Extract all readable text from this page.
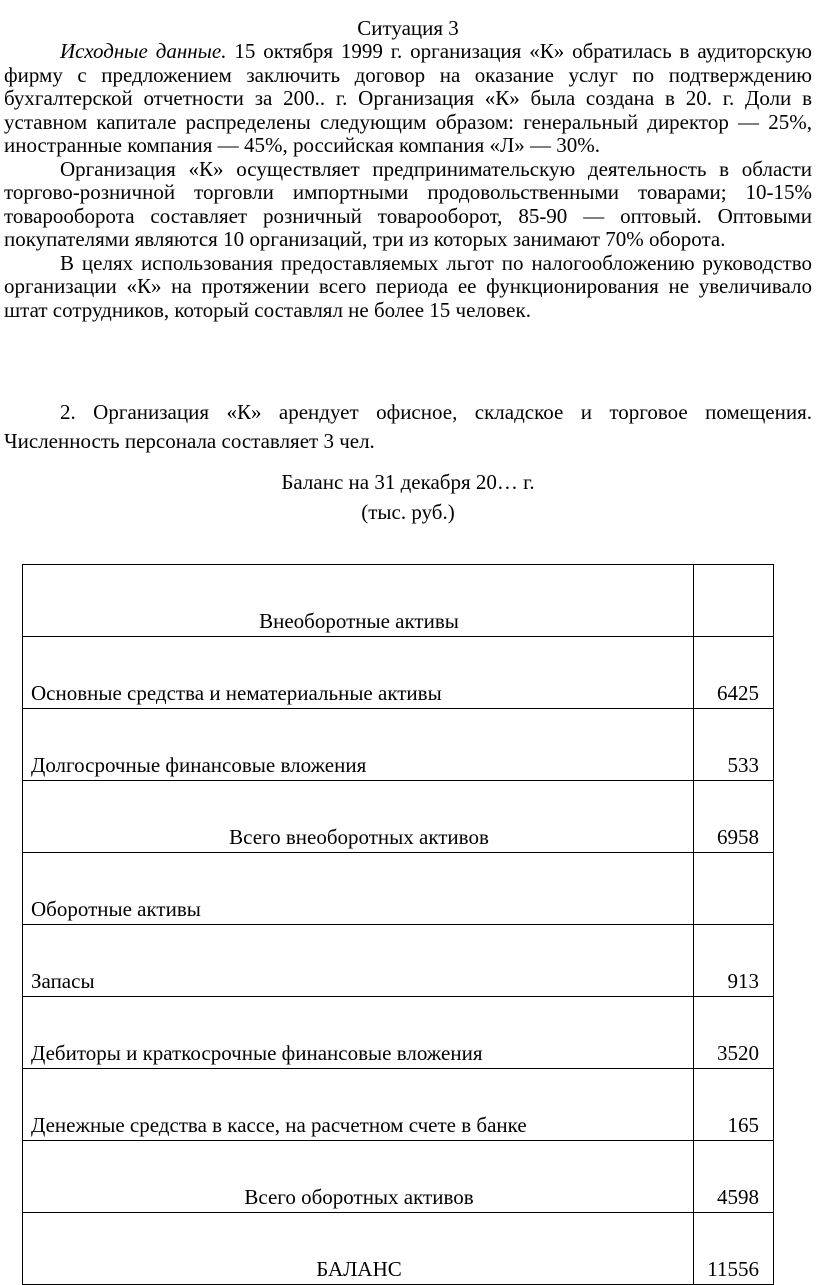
Ситуация 3

Исходные данные. 15 октября 1999 г. организация «К» обратилась в аудиторскую фирму с предложением заключить договор на оказание услуг по подтверждению бухгалтерской отчетности за 200.. г. Организация «К» была создана в 20. г. Доли в уставном капитале распределены следующим образом: генеральный директор — 25%, иностранные компания — 45%, российская компания «Л» — 30%.

Организация «К» осуществляет предпринимательскую деятельность в области торгово-розничной торговли импортными продовольственными товарами; 10-15% товарооборота составляет розничный товарооборот, 85-90 — оптовый. Оптовыми покупателями являются 10 организаций, три из которых занимают 70% оборота.

В целях использования предоставляемых льгот по налогообложению руководство организации «К» на протяжении всего периода ее функционирования не увеличивало штат сотрудников, который составлял не более 15 человек.

2. Организация «К» арендует офисное, складское и торговое помещения. Численность персонала составляет 3 чел.

Баланс на 31 декабря 20… г.
(тыс. руб.)
Внеоборотные активы	
Основные средства и нематериальные активы	6425
Долгосрочные финансовые вложения	533
Всего внеоборотных активов	6958
Оборотные активы	
Запасы	913
Дебиторы и краткосрочные финансовые вложения	3520
Денежные средства в кассе, на расчетном счете в банке	165
Всего оборотных активов	4598
БАЛАНС	11556
